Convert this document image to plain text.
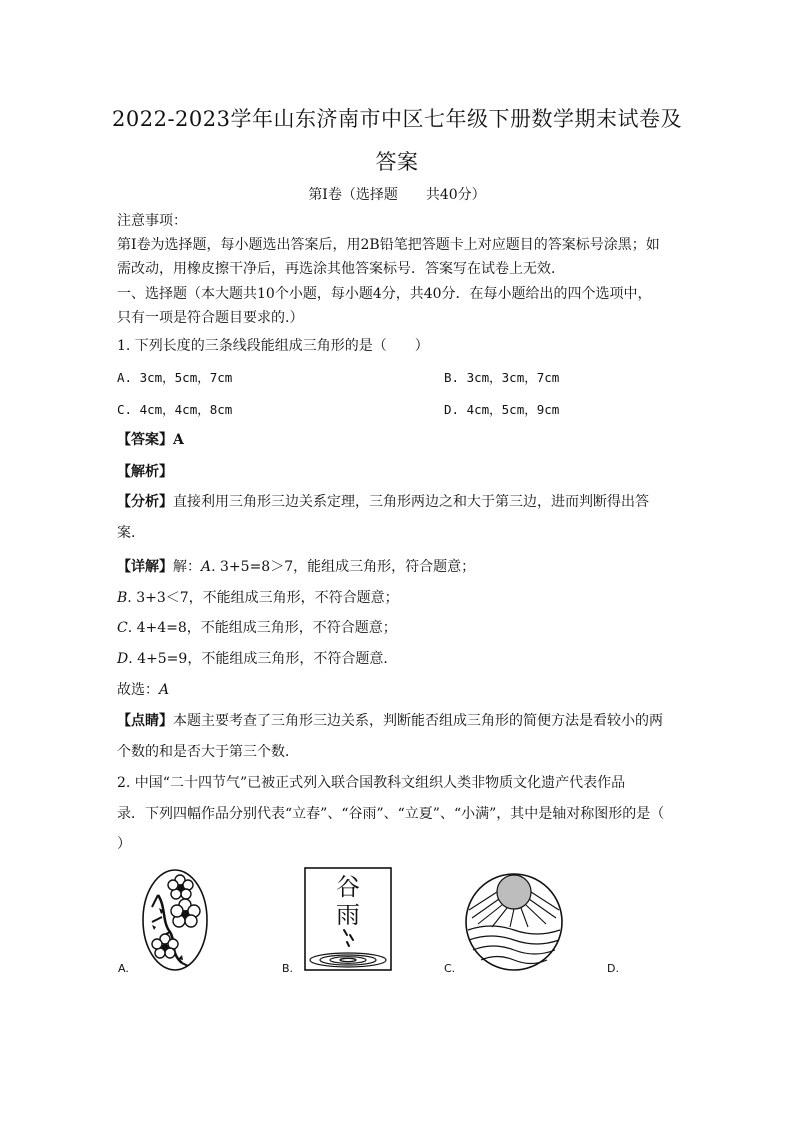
2022-2023学年山东济南市中区七年级下册数学期末试卷及
答案
第Ⅰ卷（选择题　　共40分）
注意事项：
第Ⅰ卷为选择题，每小题选出答案后，用2B铅笔把答题卡上对应题目的答案标号涂黑；如
需改动，用橡皮擦干净后，再选涂其他答案标号．答案写在试卷上无效．
一、选择题（本大题共10个小题，每小题4分，共40分．在每小题给出的四个选项中，
只有一项是符合题目要求的.）
1. 下列长度的三条线段能组成三角形的是（　　）
A. 3cm，5cm，7cm	B. 3cm，3cm，7cm
C. 4cm，4cm，8cm	D. 4cm，5cm，9cm
【答案】A
【解析】
【分析】直接利用三角形三边关系定理，三角形两边之和大于第三边，进而判断得出答
案．
【详解】解：A. 3+5=8＞7，能组成三角形，符合题意；
B. 3+3＜7，不能组成三角形，不符合题意；
C. 4+4=8，不能组成三角形，不符合题意；
D. 4+5=9，不能组成三角形，不符合题意．
故选：A
【点睛】本题主要考查了三角形三边关系，判断能否组成三角形的简便方法是看较小的两
个数的和是否大于第三个数．
2. 中国“二十四节气”已被正式列入联合国教科文组织人类非物质文化遗产代表作品
录．下列四幅作品分别代表“立春”、“谷雨”、“立夏”、“小满”，其中是轴对称图形的是（
）
A.
谷
雨
B.	C.	D.
